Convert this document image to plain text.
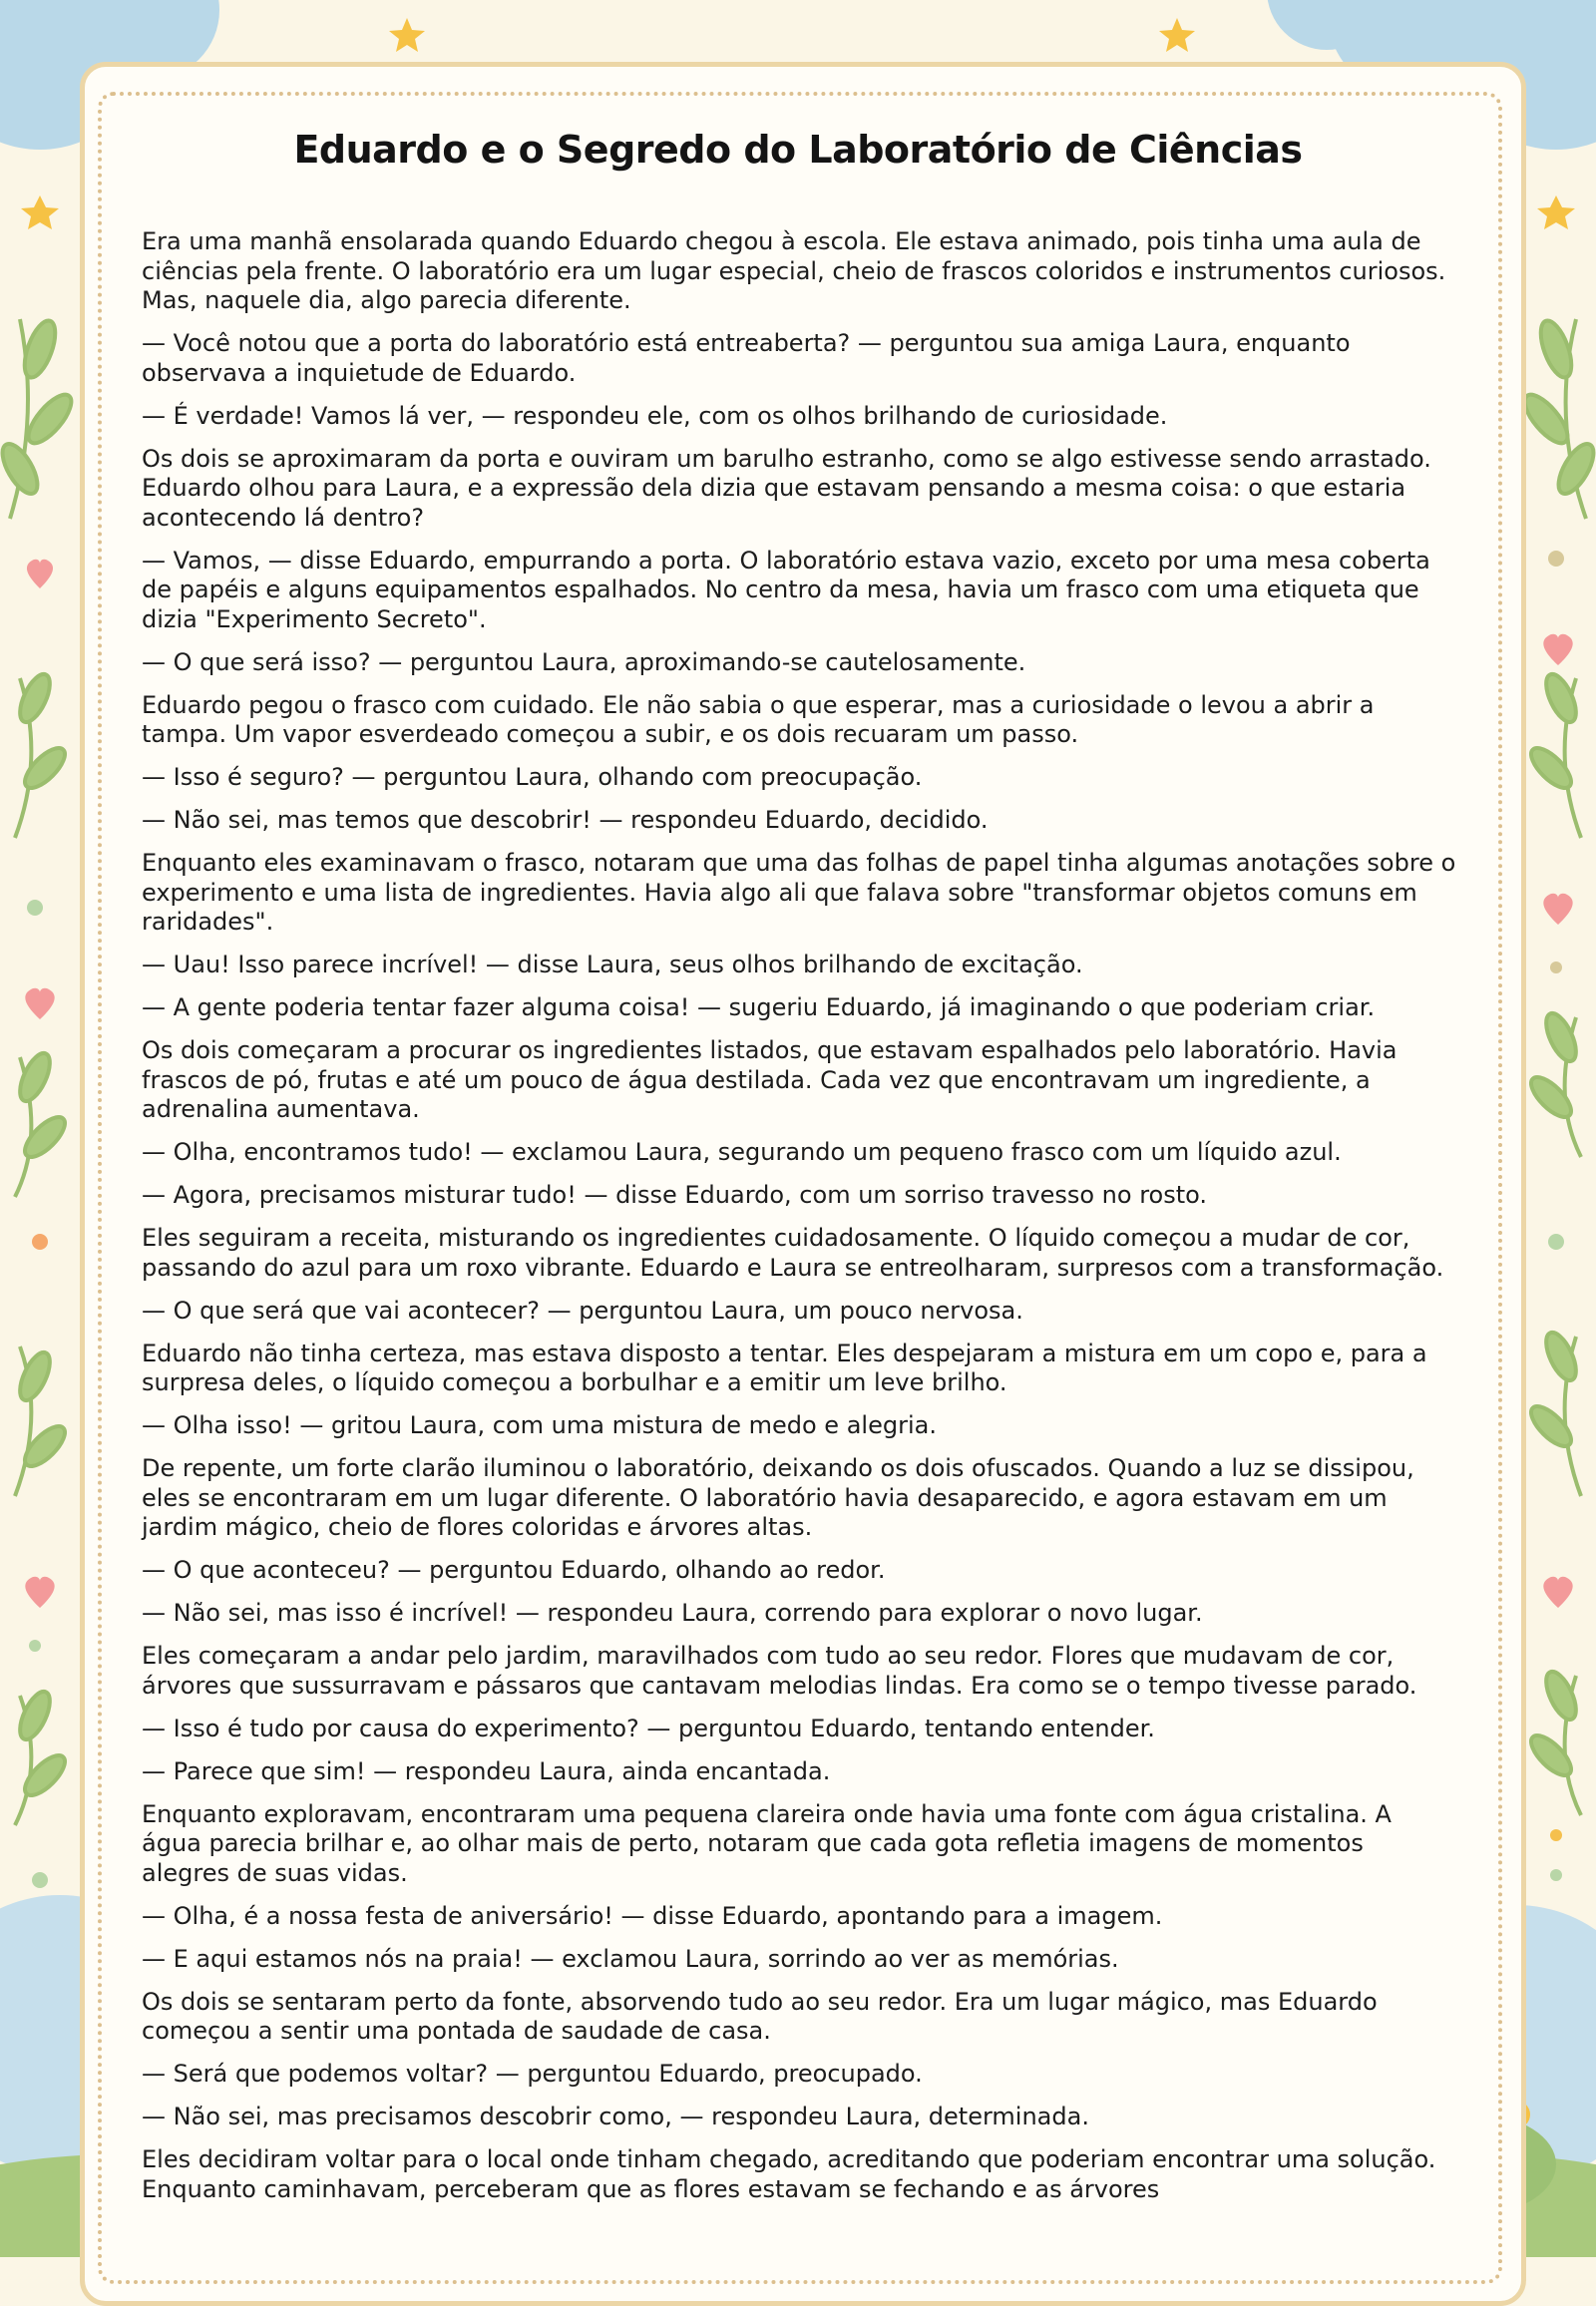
Eduardo e o Segredo do Laboratório de Ciências

Era uma manhã ensolarada quando Eduardo chegou à escola. Ele estava animado, pois tinha uma aula de ciências pela frente. O laboratório era um lugar especial, cheio de frascos coloridos e instrumentos curiosos. Mas, naquele dia, algo parecia diferente.

— Você notou que a porta do laboratório está entreaberta? — perguntou sua amiga Laura, enquanto observava a inquietude de Eduardo.

— É verdade! Vamos lá ver, — respondeu ele, com os olhos brilhando de curiosidade.

Os dois se aproximaram da porta e ouviram um barulho estranho, como se algo estivesse sendo arrastado. Eduardo olhou para Laura, e a expressão dela dizia que estavam pensando a mesma coisa: o que estaria acontecendo lá dentro?

— Vamos, — disse Eduardo, empurrando a porta. O laboratório estava vazio, exceto por uma mesa coberta de papéis e alguns equipamentos espalhados. No centro da mesa, havia um frasco com uma etiqueta que dizia "Experimento Secreto".

— O que será isso? — perguntou Laura, aproximando-se cautelosamente.

Eduardo pegou o frasco com cuidado. Ele não sabia o que esperar, mas a curiosidade o levou a abrir a tampa. Um vapor esverdeado começou a subir, e os dois recuaram um passo.

— Isso é seguro? — perguntou Laura, olhando com preocupação.

— Não sei, mas temos que descobrir! — respondeu Eduardo, decidido.

Enquanto eles examinavam o frasco, notaram que uma das folhas de papel tinha algumas anotações sobre o experimento e uma lista de ingredientes. Havia algo ali que falava sobre "transformar objetos comuns em raridades".

— Uau! Isso parece incrível! — disse Laura, seus olhos brilhando de excitação.

— A gente poderia tentar fazer alguma coisa! — sugeriu Eduardo, já imaginando o que poderiam criar.

Os dois começaram a procurar os ingredientes listados, que estavam espalhados pelo laboratório. Havia frascos de pó, frutas e até um pouco de água destilada. Cada vez que encontravam um ingrediente, a adrenalina aumentava.

— Olha, encontramos tudo! — exclamou Laura, segurando um pequeno frasco com um líquido azul.

— Agora, precisamos misturar tudo! — disse Eduardo, com um sorriso travesso no rosto.

Eles seguiram a receita, misturando os ingredientes cuidadosamente. O líquido começou a mudar de cor, passando do azul para um roxo vibrante. Eduardo e Laura se entreolharam, surpresos com a transformação.

— O que será que vai acontecer? — perguntou Laura, um pouco nervosa.

Eduardo não tinha certeza, mas estava disposto a tentar. Eles despejaram a mistura em um copo e, para a surpresa deles, o líquido começou a borbulhar e a emitir um leve brilho.

— Olha isso! — gritou Laura, com uma mistura de medo e alegria.

De repente, um forte clarão iluminou o laboratório, deixando os dois ofuscados. Quando a luz se dissipou, eles se encontraram em um lugar diferente. O laboratório havia desaparecido, e agora estavam em um jardim mágico, cheio de flores coloridas e árvores altas.

— O que aconteceu? — perguntou Eduardo, olhando ao redor.

— Não sei, mas isso é incrível! — respondeu Laura, correndo para explorar o novo lugar.

Eles começaram a andar pelo jardim, maravilhados com tudo ao seu redor. Flores que mudavam de cor, árvores que sussurravam e pássaros que cantavam melodias lindas. Era como se o tempo tivesse parado.

— Isso é tudo por causa do experimento? — perguntou Eduardo, tentando entender.

— Parece que sim! — respondeu Laura, ainda encantada.

Enquanto exploravam, encontraram uma pequena clareira onde havia uma fonte com água cristalina. A água parecia brilhar e, ao olhar mais de perto, notaram que cada gota refletia imagens de momentos alegres de suas vidas.

— Olha, é a nossa festa de aniversário! — disse Eduardo, apontando para a imagem.

— E aqui estamos nós na praia! — exclamou Laura, sorrindo ao ver as memórias.

Os dois se sentaram perto da fonte, absorvendo tudo ao seu redor. Era um lugar mágico, mas Eduardo começou a sentir uma pontada de saudade de casa.

— Será que podemos voltar? — perguntou Eduardo, preocupado.

— Não sei, mas precisamos descobrir como, — respondeu Laura, determinada.

Eles decidiram voltar para o local onde tinham chegado, acreditando que poderiam encontrar uma solução. Enquanto caminhavam, perceberam que as flores estavam se fechando e as árvores
